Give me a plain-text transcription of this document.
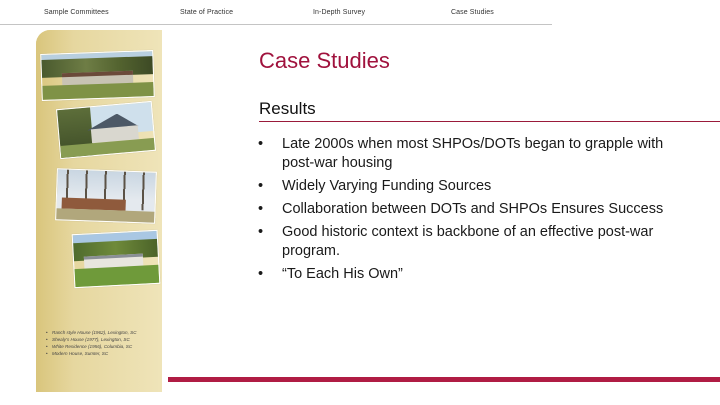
Sample Committees	State of Practice	In-Depth Survey	Case Studies
• Ranch style House (1962), Lexington, SC
• Shealy’s House (1977), Lexington, SC
• White Residence (1956), Columbia, SC
• Modern House, Sumter, SC
Case Studies
Results
• Late 2000s when most SHPOs/DOTs began to grapple with post-war housing
• Widely Varying Funding Sources
• Collaboration between DOTs and SHPOs Ensures Success
• Good historic context is backbone of an effective post-war program.
• “To Each His Own”
